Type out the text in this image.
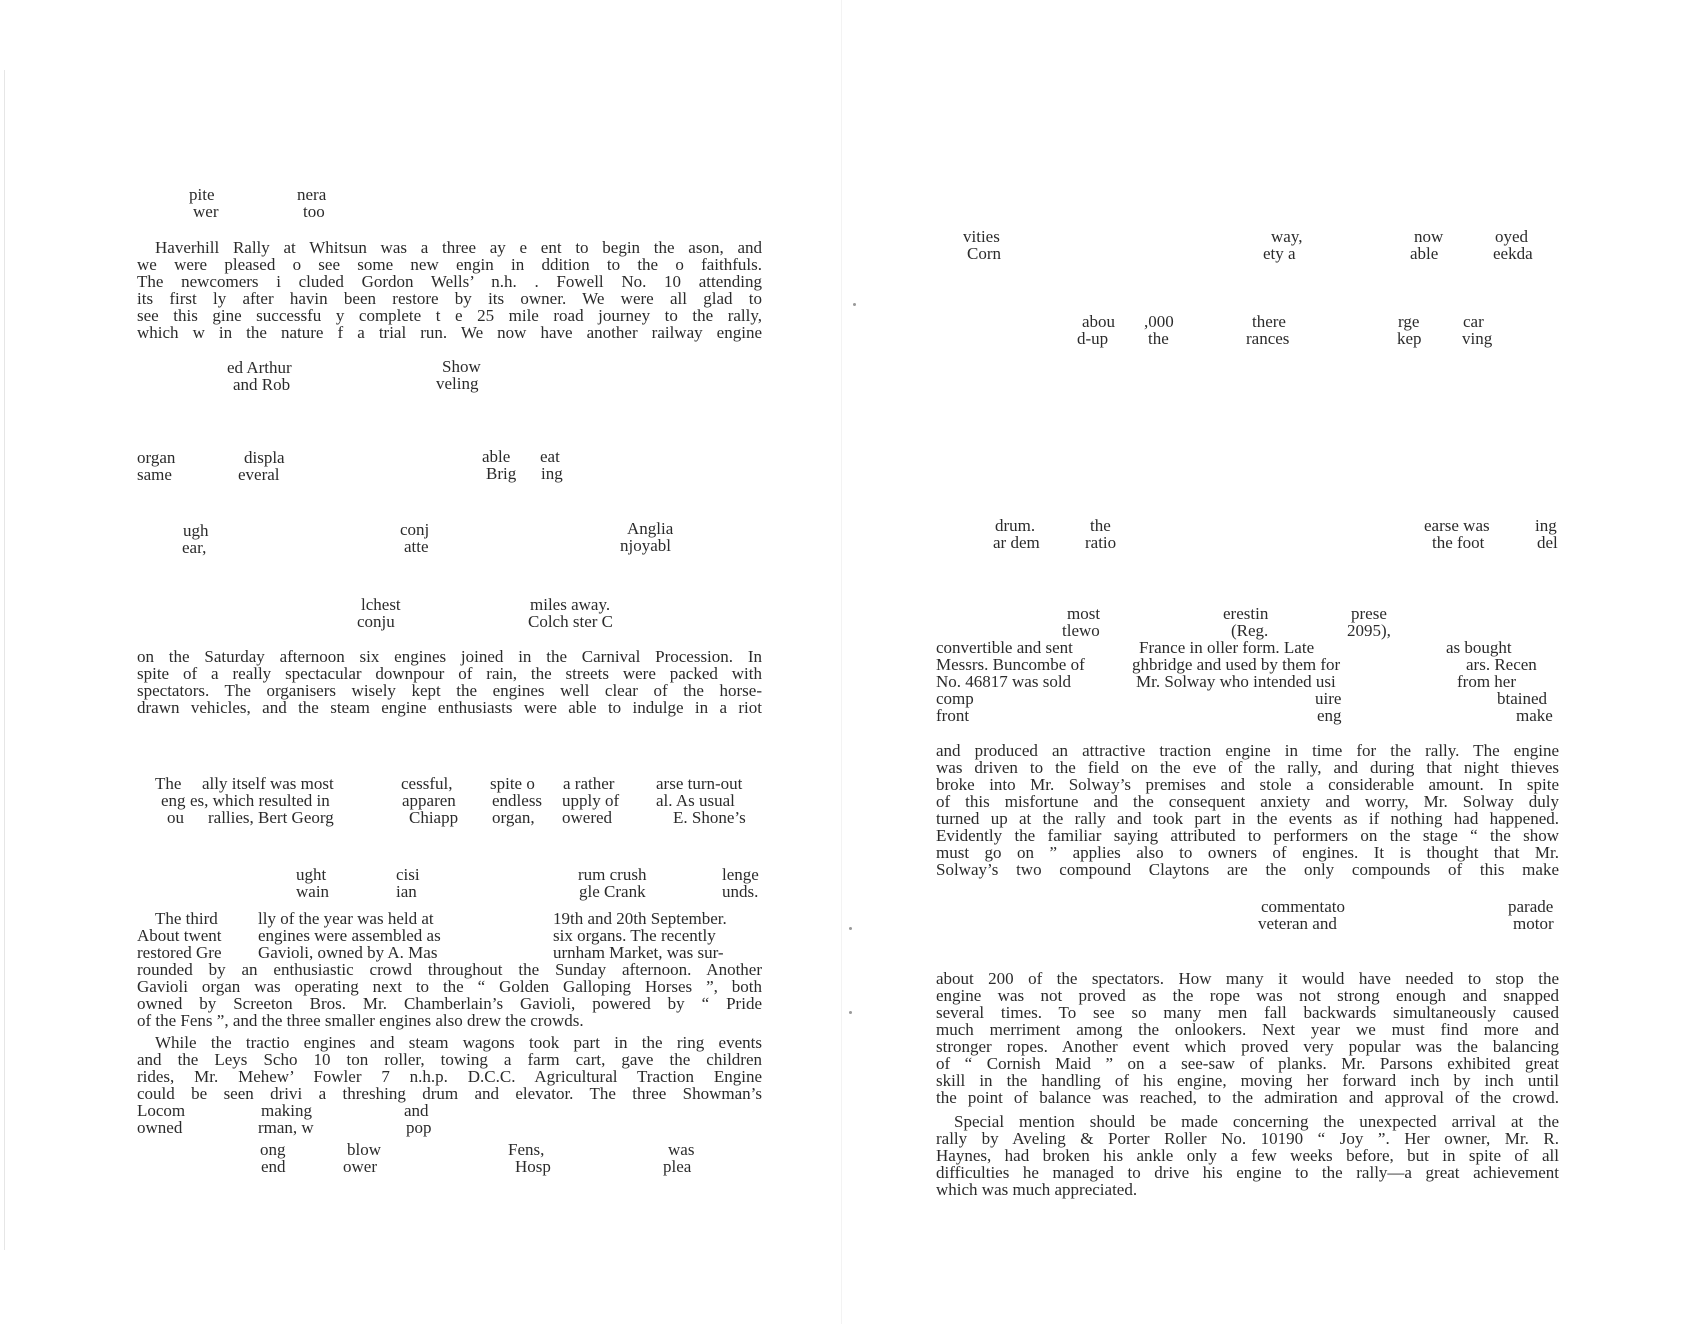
pite	nera
wer	too
Haverhill Rally at Whitsun was a three ay e ent to begin the ason, and
we were pleased o see some new engin in ddition to the o faithfuls.
The newcomers i cluded Gordon Wells’ n.h. . Fowell No. 10 attending
its first ly after havin been restore by its owner. We were all glad to
see this gine successfu y complete t e 25 mile road journey to the rally,
which w in the nature f a trial run. We now have another railway engine
ed Arthur	Show
and Rob	veling
organ	displa	able eat
same	everal	Brig ing
ugh	conj	Anglia
ear,	atte	njoyabl
lchest	miles away.
conju	Colch ster C
on the Saturday afternoon six engines joined in the Carnival Procession. In
spite of a really spectacular downpour of rain, the streets were packed with
spectators. The organisers wisely kept the engines well clear of the horse-
drawn vehicles, and the steam engine enthusiasts were able to indulge in a riot
The ally itself was most	cessful, spite o a rather arse turn-out
eng es, which resulted in	apparen endless upply of al. As usual
ou rallies, Bert Georg	Chiapp organ, owered	E. Shone’s
ught	cisi	rum crush	lenge
wain	ian	gle Crank	unds.
The third lly of the year was held at	19th and 20th September.
About twent engines were assembled as	six organs. The recently
restored Gre Gavioli, owned by A. Mas	urnham Market, was sur-
rounded by an enthusiastic crowd throughout the Sunday afternoon. Another
Gavioli organ was operating next to the “ Golden Galloping Horses ”, both
owned by Screeton Bros. Mr. Chamberlain’s Gavioli, powered by “ Pride
of the Fens ”, and the three smaller engines also drew the crowds.
While the tractio engines and steam wagons took part in the ring events
and the Leys Scho 10 ton roller, towing a farm cart, gave the children
rides, Mr. Mehew’ Fowler 7 n.h.p. D.C.C. Agricultural Traction Engine
could be seen drivi a threshing drum and elevator. The three Showman’s
Locom	making	and
owned	rman, w	pop
ong	blow	Fens,	was
end	ower	Hosp	plea
vities	way,	now	oyed
Corn	ety a	able	eekda
abou ,000	there	rge	car
d-up the	rances	kep ving
drum.	the	earse was	ing
ar dem	ratio	the foot	del
most	erestin	prese
tlewo	(Reg.	2095),
convertible and sent	France in oller form. Late	as bought
Messrs. Buncombe of	ghbridge and used by them for	ars. Recen
No. 46817 was sold	Mr. Solway who intended usi	from her
comp	uire	btained
front	eng	make
and produced an attractive traction engine in time for the rally. The engine
was driven to the field on the eve of the rally, and during that night thieves
broke into Mr. Solway’s premises and stole a considerable amount. In spite
of this misfortune and the consequent anxiety and worry, Mr. Solway duly
turned up at the rally and took part in the events as if nothing had happened.
Evidently the familiar saying attributed to performers on the stage “ the show
must go on ” applies also to owners of engines. It is thought that Mr.
Solway’s two compound Claytons are the only compounds of this make
commentato	parade
veteran and	motor
about 200 of the spectators. How many it would have needed to stop the
engine was not proved as the rope was not strong enough and snapped
several times. To see so many men fall backwards simultaneously caused
much merriment among the onlookers. Next year we must find more and
stronger ropes. Another event which proved very popular was the balancing
of “ Cornish Maid ” on a see-saw of planks. Mr. Parsons exhibited great
skill in the handling of his engine, moving her forward inch by inch until
the point of balance was reached, to the admiration and approval of the crowd.
Special mention should be made concerning the unexpected arrival at the
rally by Aveling & Porter Roller No. 10190 “ Joy ”. Her owner, Mr. R.
Haynes, had broken his ankle only a few weeks before, but in spite of all
difficulties he managed to drive his engine to the rally—a great achievement
which was much appreciated.
